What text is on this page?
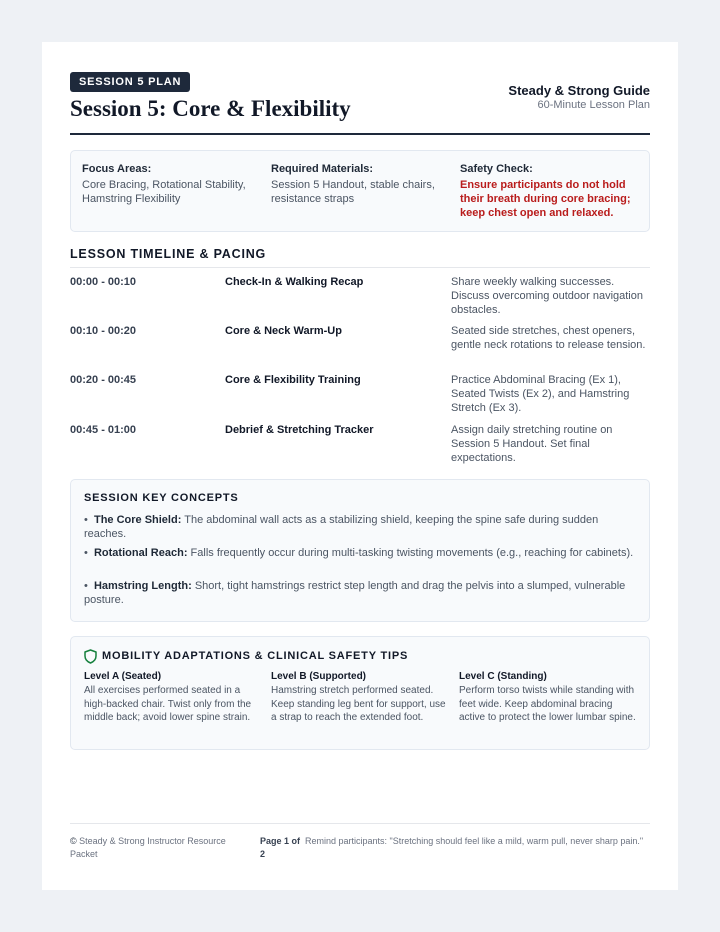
SESSION 5 PLAN
Session 5: Core & Flexibility
Steady & Strong Guide
60-Minute Lesson Plan
Focus Areas:
Core Bracing, Rotational Stability, Hamstring Flexibility
Required Materials:
Session 5 Handout, stable chairs, resistance straps
Safety Check:
Ensure participants do not hold their breath during core bracing; keep chest open and relaxed.
LESSON TIMELINE & PACING
00:00 - 00:10	Check-In & Walking Recap	Share weekly walking successes. Discuss overcoming outdoor navigation obstacles.
00:10 - 00:20	Core & Neck Warm-Up	Seated side stretches, chest openers, gentle neck rotations to release tension.
00:20 - 00:45	Core & Flexibility Training	Practice Abdominal Bracing (Ex 1), Seated Twists (Ex 2), and Hamstring Stretch (Ex 3).
00:45 - 01:00	Debrief & Stretching Tracker	Assign daily stretching routine on Session 5 Handout. Set final expectations.
SESSION KEY CONCEPTS
•  The Core Shield: The abdominal wall acts as a stabilizing shield, keeping the spine safe during sudden reaches.
•  Rotational Reach: Falls frequently occur during multi-tasking twisting movements (e.g., reaching for cabinets).
•  Hamstring Length: Short, tight hamstrings restrict step length and drag the pelvis into a slumped, vulnerable posture.
MOBILITY ADAPTATIONS & CLINICAL SAFETY TIPS
Level A (Seated)
All exercises performed seated in a high-backed chair. Twist only from the middle back; avoid lower spine strain.
Level B (Supported)
Hamstring stretch performed seated. Keep standing leg bent for support, use a strap to reach the extended foot.
Level C (Standing)
Perform torso twists while standing with feet wide. Keep abdominal bracing active to protect the lower lumbar spine.
© Steady & Strong Instructor Resource Packet
Page 1 of 2
Remind participants: "Stretching should feel like a mild, warm pull, never sharp pain."
